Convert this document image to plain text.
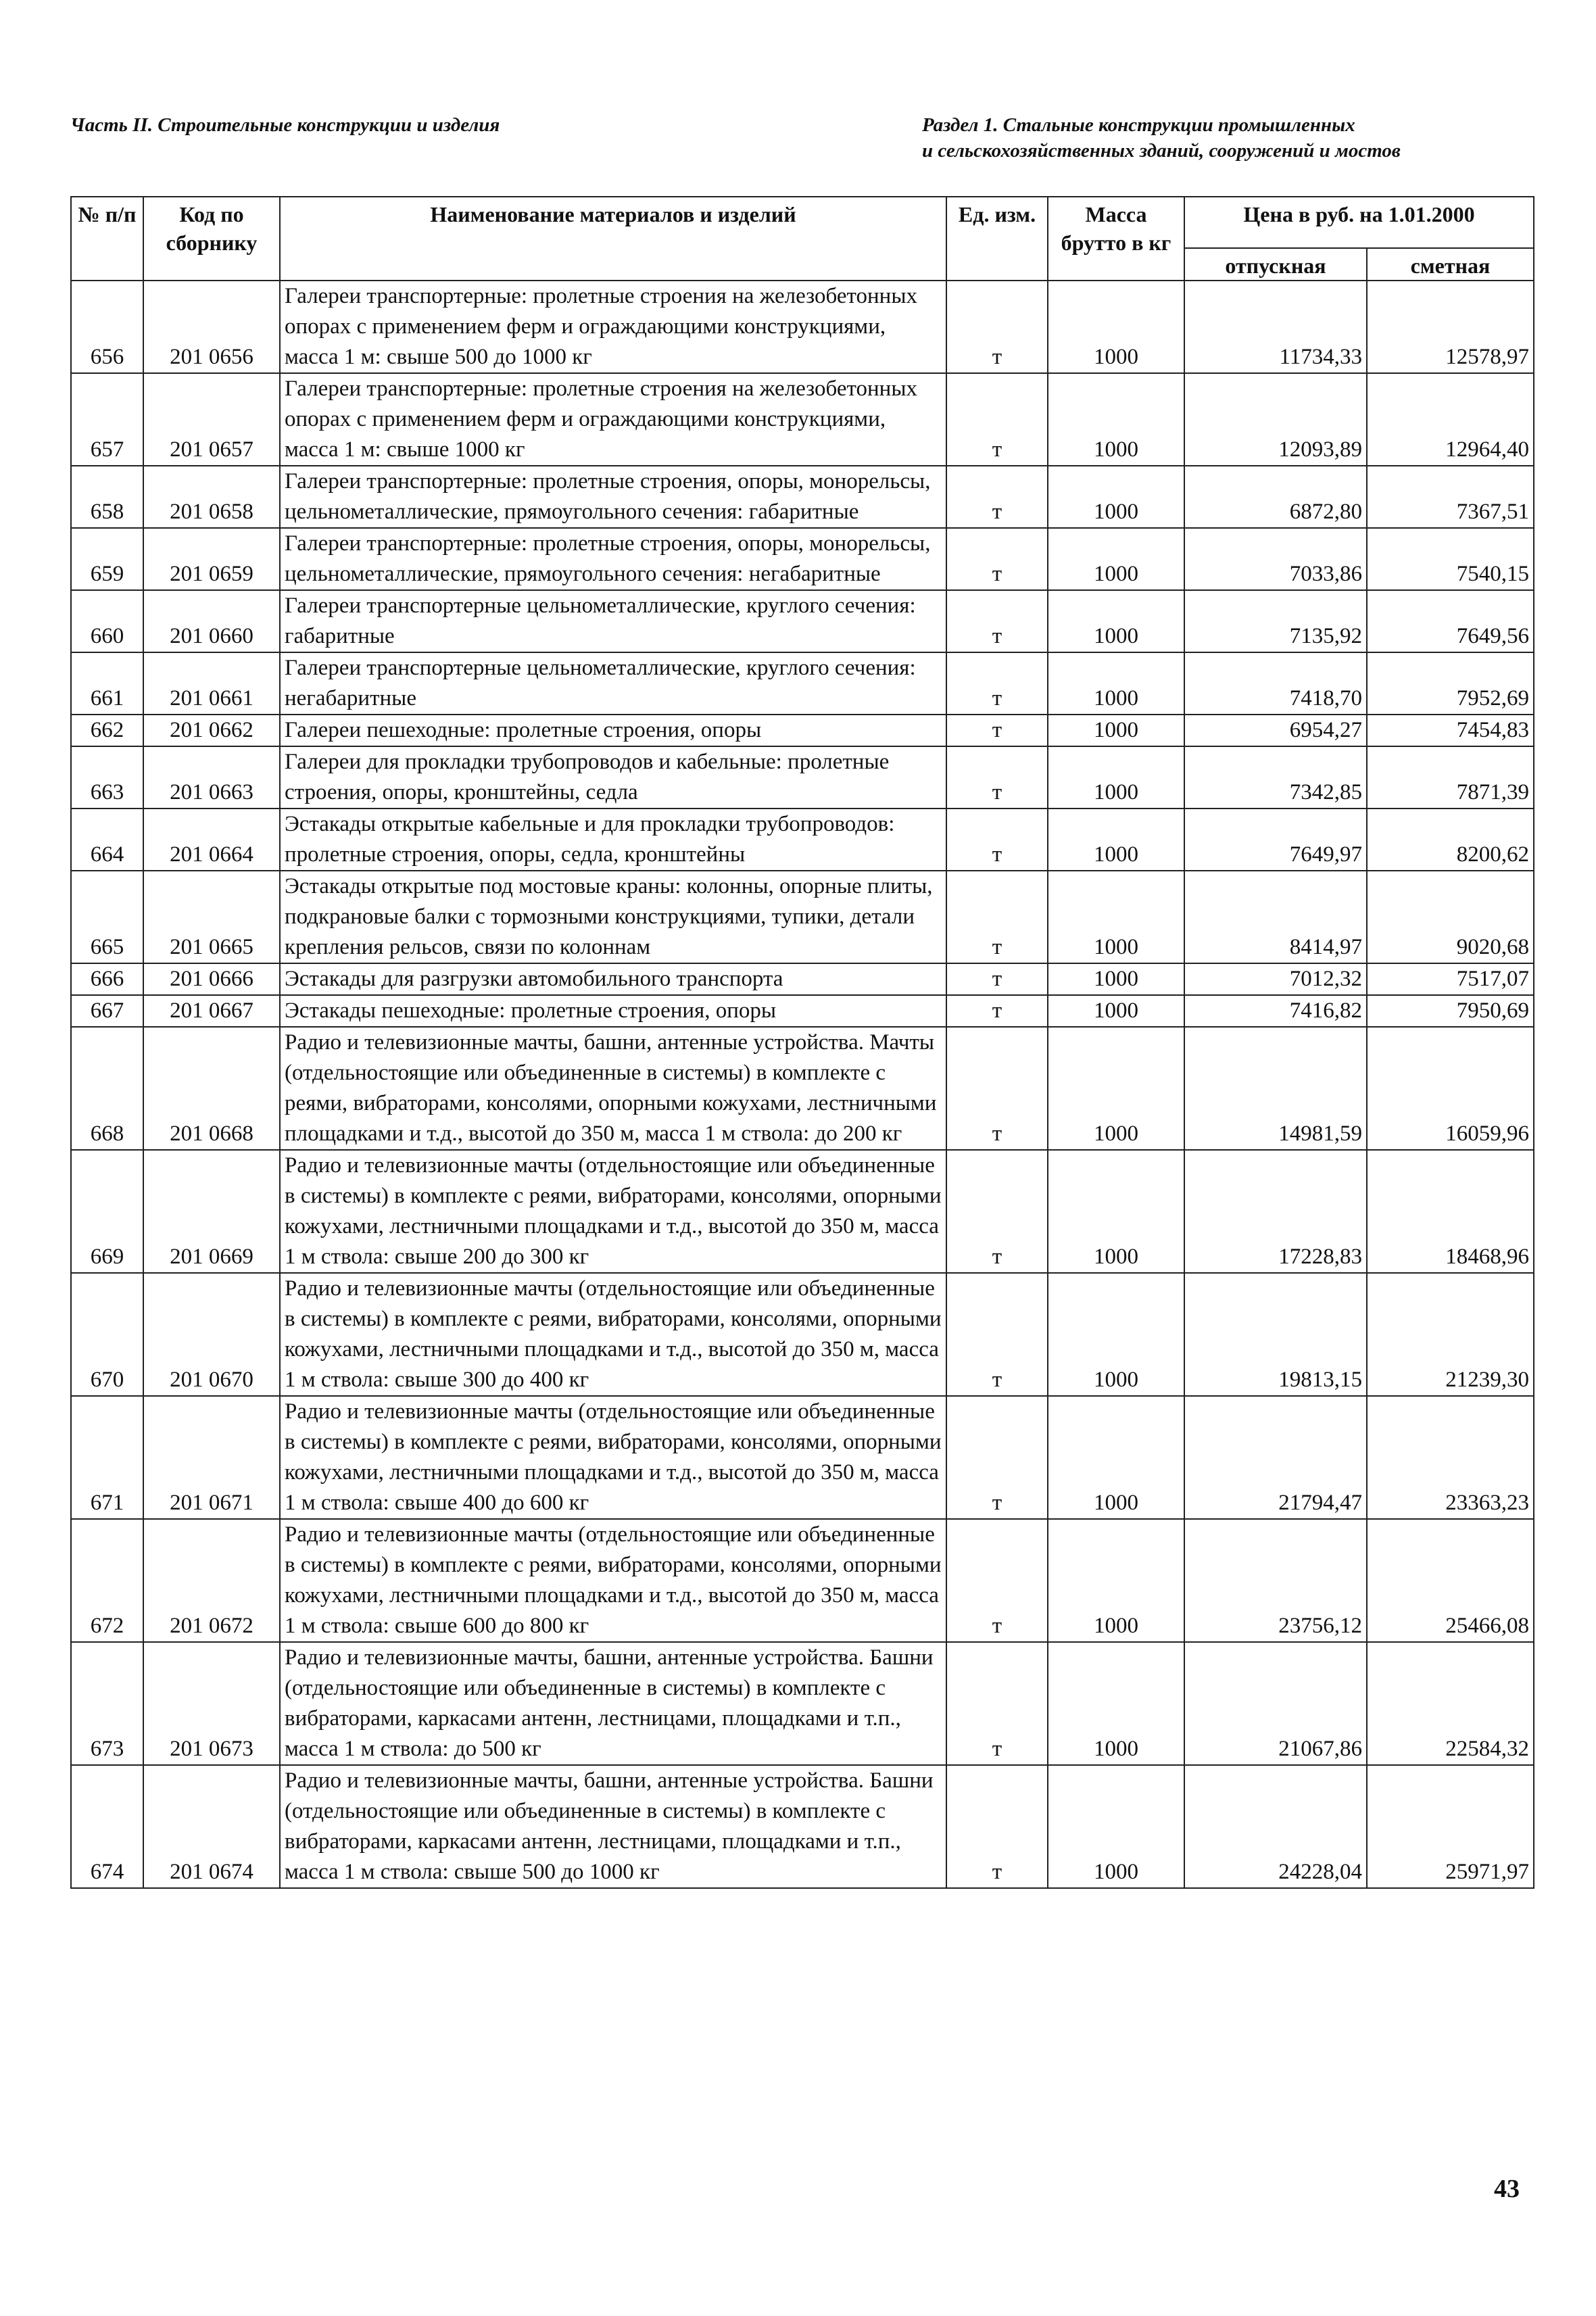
Часть II. Строительные конструкции и изделия	Раздел 1. Стальные конструкции промышленных
и сельскохозяйственных зданий, сооружений и мостов
№ п/п	Код по сборнику	Наименование материалов и изделий	Ед. изм.	Масса брутто в кг	Цена в руб. на 1.01.2000	
					отпускная	сметная
656	201 0656	Галереи транспортерные: пролетные строения на железобетонных опорах с применением ферм и ограждающими конструкциями, масса 1 м: свыше 500 до 1000 кг	т	1000	11734,33	12578,97
657	201 0657	Галереи транспортерные: пролетные строения на железобетонных опорах с применением ферм и ограждающими конструкциями, масса 1 м: свыше 1000 кг	т	1000	12093,89	12964,40
658	201 0658	Галереи транспортерные: пролетные строения, опоры, монорельсы, цельнометаллические, прямоугольного сечения: габаритные	т	1000	6872,80	7367,51
659	201 0659	Галереи транспортерные: пролетные строения, опоры, монорельсы, цельнометаллические, прямоугольного сечения: негабаритные	т	1000	7033,86	7540,15
660	201 0660	Галереи транспортерные цельнометаллические, круглого сечения: габаритные	т	1000	7135,92	7649,56
661	201 0661	Галереи транспортерные цельнометаллические, круглого сечения: негабаритные	т	1000	7418,70	7952,69
662	201 0662	Галереи пешеходные: пролетные строения, опоры	т	1000	6954,27	7454,83
663	201 0663	Галереи для прокладки трубопроводов и кабельные: пролетные строения, опоры, кронштейны, седла	т	1000	7342,85	7871,39
664	201 0664	Эстакады открытые кабельные и для прокладки трубопроводов: пролетные строения, опоры, седла, кронштейны	т	1000	7649,97	8200,62
665	201 0665	Эстакады открытые под мостовые краны: колонны, опорные плиты, подкрановые балки с тормозными конструкциями, тупики, детали крепления рельсов, связи по колоннам	т	1000	8414,97	9020,68
666	201 0666	Эстакады для разгрузки автомобильного транспорта	т	1000	7012,32	7517,07
667	201 0667	Эстакады пешеходные: пролетные строения, опоры	т	1000	7416,82	7950,69
668	201 0668	Радио и телевизионные мачты, башни, антенные устройства. Мачты (отдельностоящие или объединенные в системы) в комплекте с реями, вибраторами, консолями, опорными кожухами, лестничными площадками и т.д., высотой до 350 м, масса 1 м ствола: до 200 кг	т	1000	14981,59	16059,96
669	201 0669	Радио и телевизионные мачты (отдельностоящие или объединенные в системы) в комплекте с реями, вибраторами, консолями, опорными кожухами, лестничными площадками и т.д., высотой до 350 м, масса 1 м ствола: свыше 200 до 300 кг	т	1000	17228,83	18468,96
670	201 0670	Радио и телевизионные мачты (отдельностоящие или объединенные в системы) в комплекте с реями, вибраторами, консолями, опорными кожухами, лестничными площадками и т.д., высотой до 350 м, масса 1 м ствола: свыше 300 до 400 кг	т	1000	19813,15	21239,30
671	201 0671	Радио и телевизионные мачты (отдельностоящие или объединенные в системы) в комплекте с реями, вибраторами, консолями, опорными кожухами, лестничными площадками и т.д., высотой до 350 м, масса 1 м ствола: свыше 400 до 600 кг	т	1000	21794,47	23363,23
672	201 0672	Радио и телевизионные мачты (отдельностоящие или объединенные в системы) в комплекте с реями, вибраторами, консолями, опорными кожухами, лестничными площадками и т.д., высотой до 350 м, масса 1 м ствола: свыше 600 до 800 кг	т	1000	23756,12	25466,08
673	201 0673	Радио и телевизионные мачты, башни, антенные устройства. Башни (отдельностоящие или объединенные в системы) в комплекте с вибраторами, каркасами антенн, лестницами, площадками и т.п., масса 1 м ствола: до 500 кг	т	1000	21067,86	22584,32
674	201 0674	Радио и телевизионные мачты, башни, антенные устройства. Башни (отдельностоящие или объединенные в системы) в комплекте с вибраторами, каркасами антенн, лестницами, площадками и т.п., масса 1 м ствола: свыше 500 до 1000 кг	т	1000	24228,04	25971,97
43
